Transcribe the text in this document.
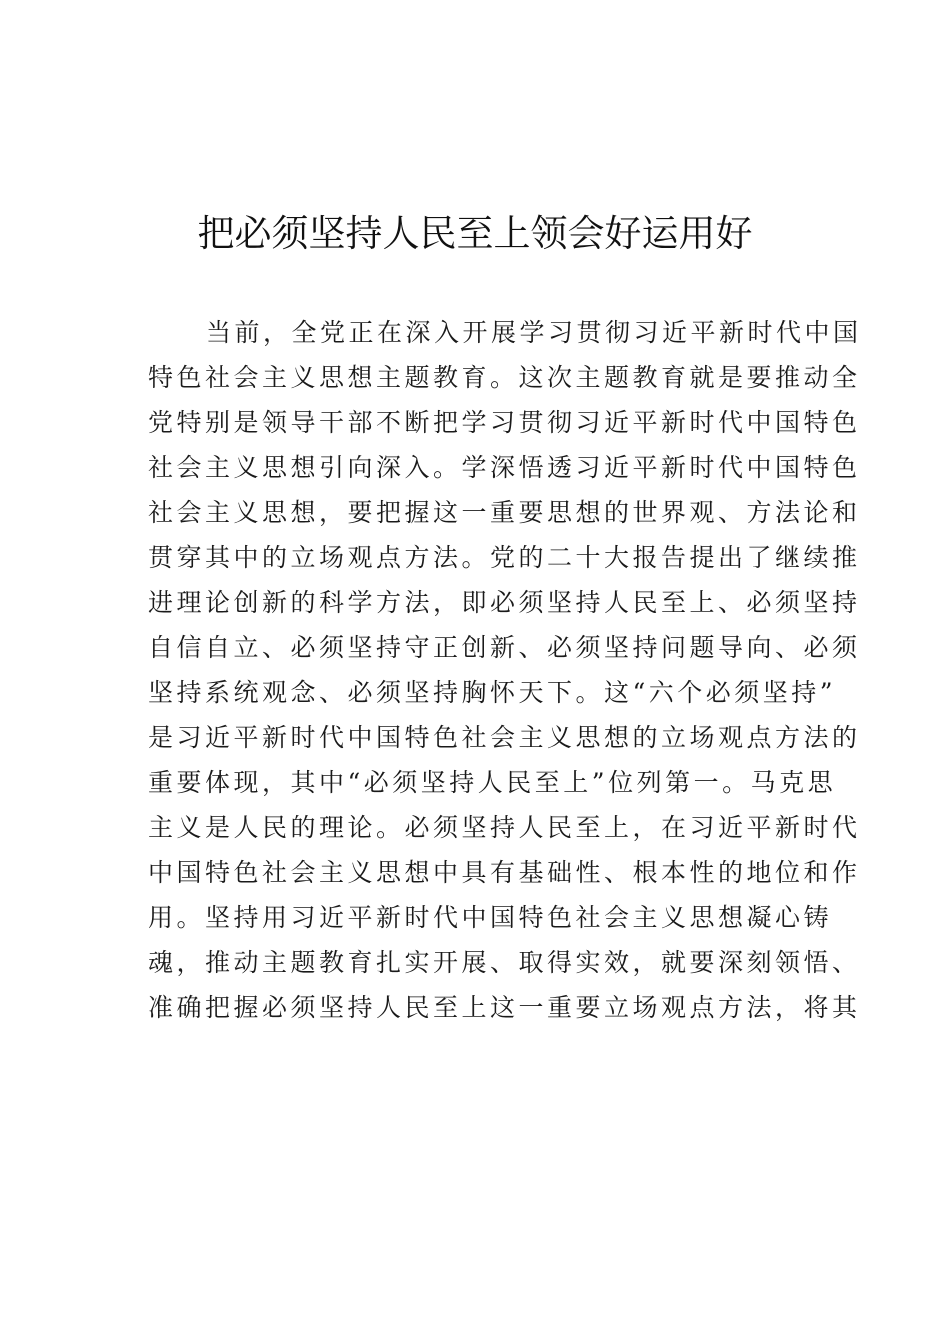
把必须坚持人民至上领会好运用好
当前，全党正在深入开展学习贯彻习近平新时代中国
特色社会主义思想主题教育。这次主题教育就是要推动全
党特别是领导干部不断把学习贯彻习近平新时代中国特色
社会主义思想引向深入。学深悟透习近平新时代中国特色
社会主义思想，要把握这一重要思想的世界观、方法论和
贯穿其中的立场观点方法。党的二十大报告提出了继续推
进理论创新的科学方法，即必须坚持人民至上、必须坚持
自信自立、必须坚持守正创新、必须坚持问题导向、必须
坚持系统观念、必须坚持胸怀天下。这“六个必须坚持”
是习近平新时代中国特色社会主义思想的立场观点方法的
重要体现，其中“必须坚持人民至上”位列第一。马克思
主义是人民的理论。必须坚持人民至上，在习近平新时代
中国特色社会主义思想中具有基础性、根本性的地位和作
用。坚持用习近平新时代中国特色社会主义思想凝心铸
魂，推动主题教育扎实开展、取得实效，就要深刻领悟、
准确把握必须坚持人民至上这一重要立场观点方法，将其
